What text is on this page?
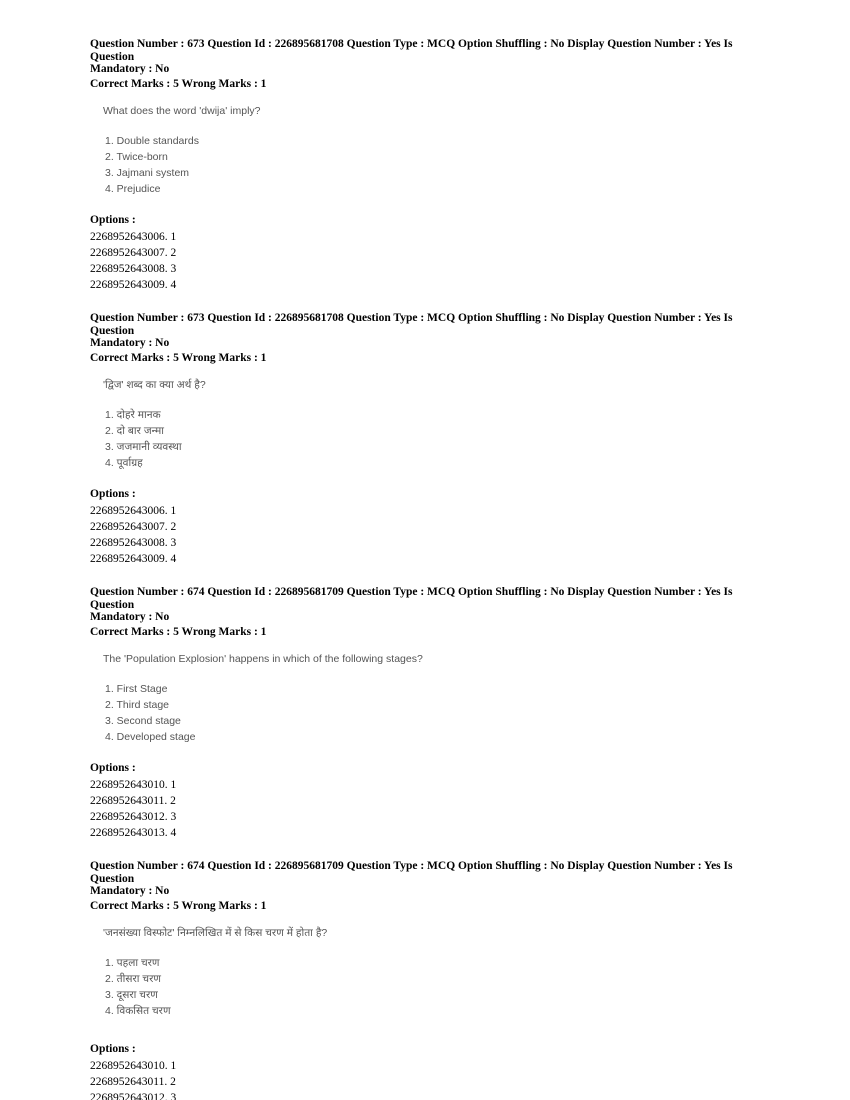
Question Number : 673 Question Id : 226895681708 Question Type : MCQ Option Shuffling : No Display Question Number : Yes Is Question
Mandatory : No
Correct Marks : 5 Wrong Marks : 1
What does the word 'dwija' imply?
1. Double standards
2. Twice-born
3. Jajmani system
4. Prejudice
Options :
2268952643006. 1
2268952643007. 2
2268952643008. 3
2268952643009. 4
Question Number : 673 Question Id : 226895681708 Question Type : MCQ Option Shuffling : No Display Question Number : Yes Is Question
Mandatory : No
Correct Marks : 5 Wrong Marks : 1
'द्विज' शब्द का क्या अर्थ है?
1. दोहरे मानक
2. दो बार जन्मा
3. जजमानी व्यवस्था
4. पूर्वाग्रह
Options :
2268952643006. 1
2268952643007. 2
2268952643008. 3
2268952643009. 4
Question Number : 674 Question Id : 226895681709 Question Type : MCQ Option Shuffling : No Display Question Number : Yes Is Question
Mandatory : No
Correct Marks : 5 Wrong Marks : 1
The 'Population Explosion' happens in which of the following stages?
1. First Stage
2. Third stage
3. Second stage
4. Developed stage
Options :
2268952643010. 1
2268952643011. 2
2268952643012. 3
2268952643013. 4
Question Number : 674 Question Id : 226895681709 Question Type : MCQ Option Shuffling : No Display Question Number : Yes Is Question
Mandatory : No
Correct Marks : 5 Wrong Marks : 1
'जनसंख्या विस्फोट' निम्नलिखित में से किस चरण में होता है?
1. पहला चरण
2. तीसरा चरण
3. दूसरा चरण
4. विकसित चरण
Options :
2268952643010. 1
2268952643011. 2
2268952643012. 3
